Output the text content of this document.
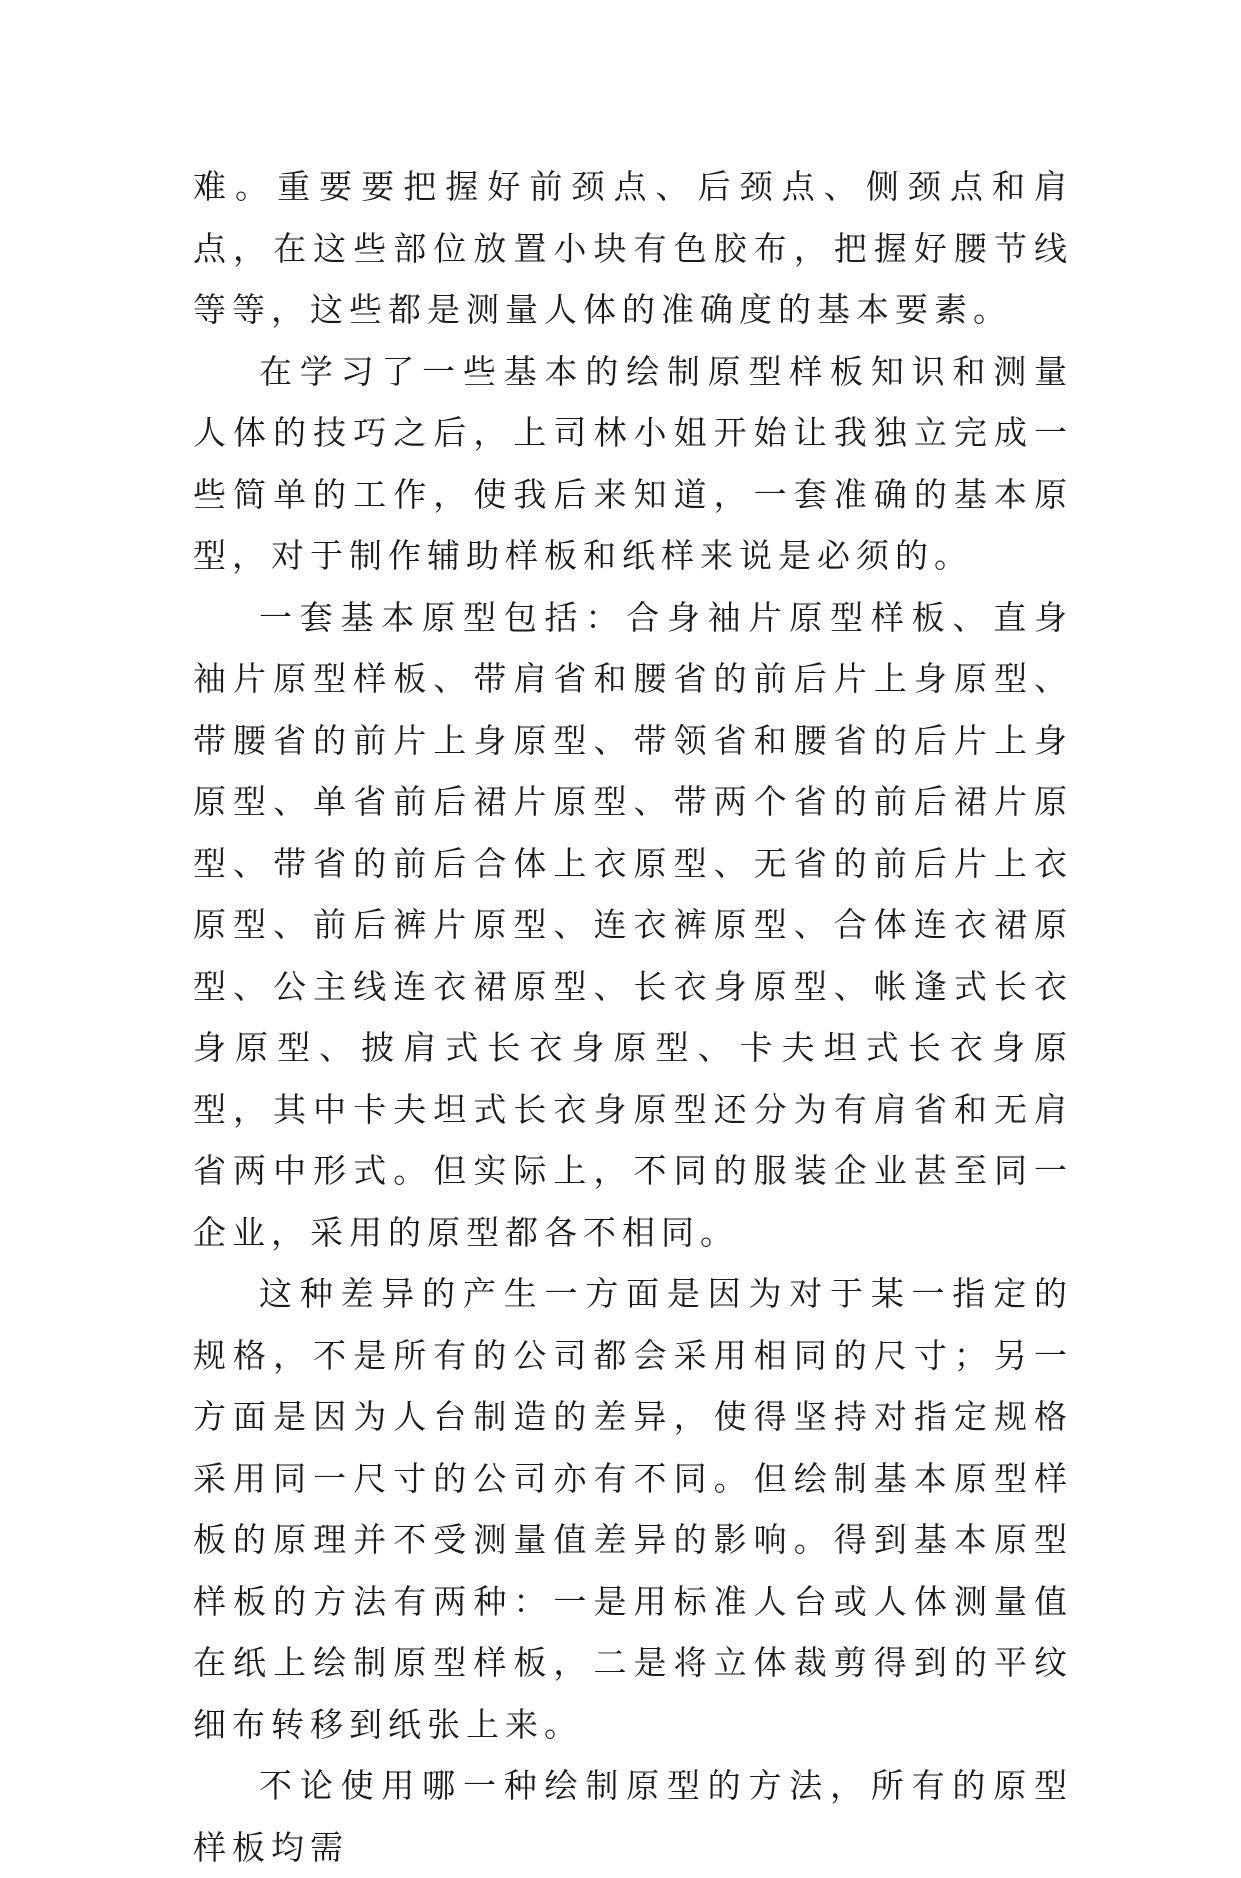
难。重要要把握好前颈点、后颈点、侧颈点和肩点，在这些部位放置小块有色胶布，把握好腰节线等等，这些都是测量人体的准确度的基本要素。

在学习了一些基本的绘制原型样板知识和测量人体的技巧之后，上司林小姐开始让我独立完成一些简单的工作，使我后来知道，一套准确的基本原型，对于制作辅助样板和纸样来说是必须的。

一套基本原型包括：合身袖片原型样板、直身袖片原型样板、带肩省和腰省的前后片上身原型、带腰省的前片上身原型、带领省和腰省的后片上身原型、单省前后裙片原型、带两个省的前后裙片原型、带省的前后合体上衣原型、无省的前后片上衣原型、前后裤片原型、连衣裤原型、合体连衣裙原型、公主线连衣裙原型、长衣身原型、帐逢式长衣身原型、披肩式长衣身原型、卡夫坦式长衣身原型，其中卡夫坦式长衣身原型还分为有肩省和无肩省两中形式。但实际上，不同的服装企业甚至同一企业，采用的原型都各不相同。

这种差异的产生一方面是因为对于某一指定的规格，不是所有的公司都会采用相同的尺寸；另一方面是因为人台制造的差异，使得坚持对指定规格采用同一尺寸的公司亦有不同。但绘制基本原型样板的原理并不受测量值差异的影响。得到基本原型样板的方法有两种：一是用标准人台或人体测量值在纸上绘制原型样板，二是将立体裁剪得到的平纹细布转移到纸张上来。

不论使用哪一种绘制原型的方法，所有的原型样板均需
